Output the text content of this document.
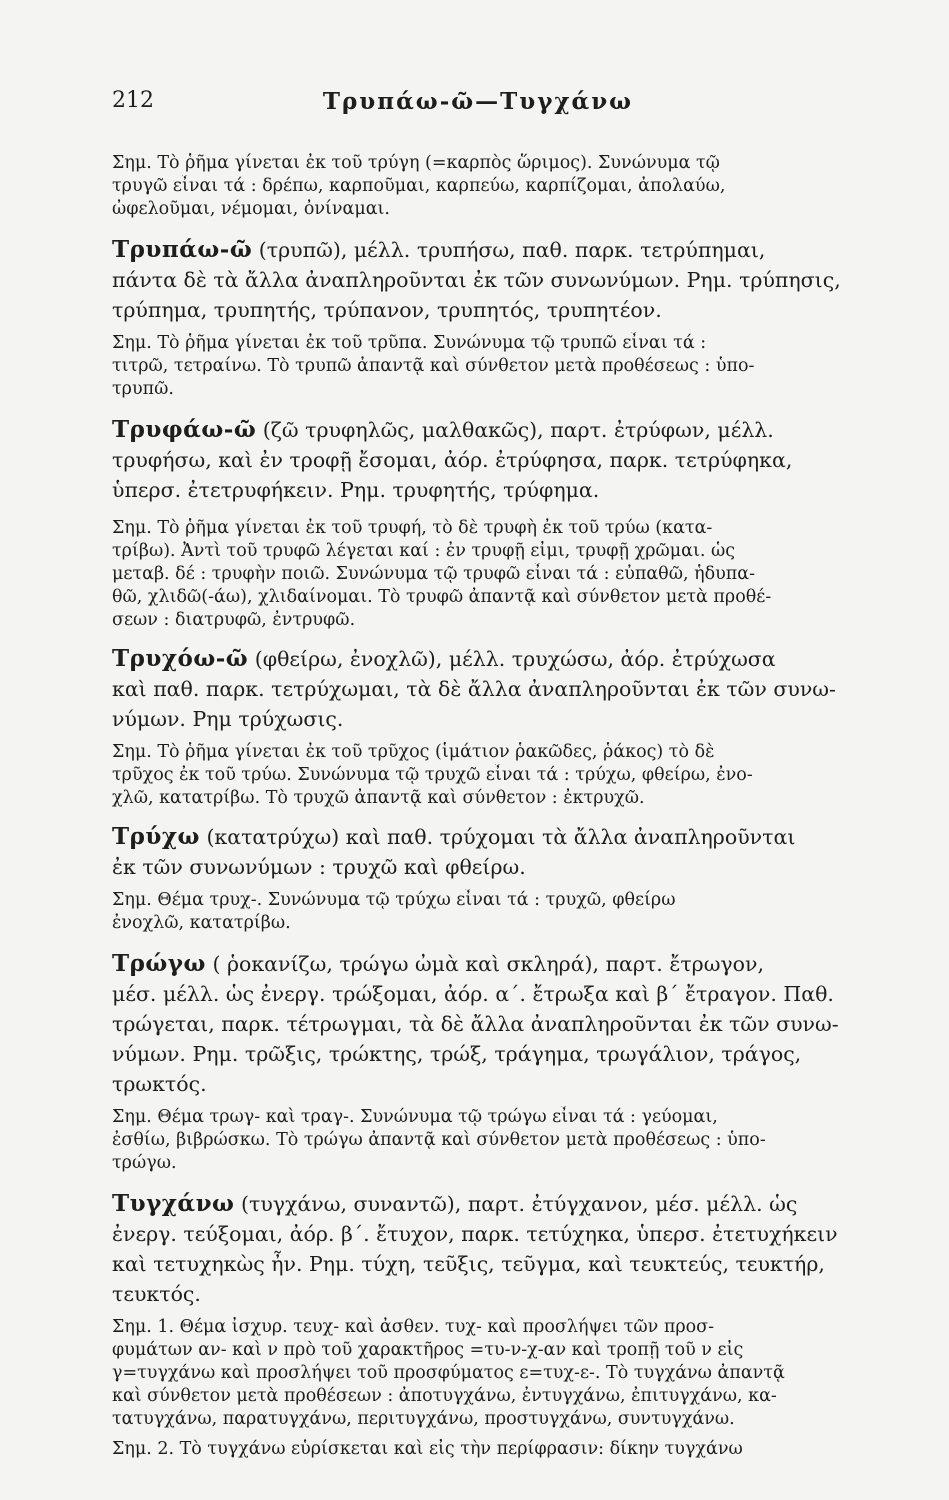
212	Τρυπάω-ῶ—Τυγχάνω
Σημ. Τὸ ῥῆμα γίνεται ἐκ τοῦ τρύγη (=καρπὸς ὥριμος). Συνώνυμα τῷ
τρυγῶ εἶναι τά : δρέπω, καρποῦμαι, καρπεύω, καρπίζομαι, ἀπολαύω,
ὠφελοῦμαι, νέμομαι, ὀνίναμαι.
Τρυπάω-ῶ (τρυπῶ), μέλλ. τρυπήσω, παθ. παρκ. τετρύπημαι,
πάντα δὲ τὰ ἄλλα ἀναπληροῦνται ἐκ τῶν συνωνύμων. Ρημ. τρύπησις,
τρύπημα, τρυπητής, τρύπανον, τρυπητός, τρυπητέον.
Σημ. Τὸ ῥῆμα γίνεται ἐκ τοῦ τρῦπα. Συνώνυμα τῷ τρυπῶ εἶναι τά :
τιτρῶ, τετραίνω. Τὸ τρυπῶ ἀπαντᾷ καὶ σύνθετον μετὰ προθέσεως : ὑπο-
τρυπῶ.
Τρυφάω-ῶ (ζῶ τρυφηλῶς, μαλθακῶς), παρτ. ἐτρύφων, μέλλ.
τρυφήσω, καὶ ἐν τροφῇ ἔσομαι, ἀόρ. ἐτρύφησα, παρκ. τετρύφηκα,
ὑπερσ. ἐτετρυφήκειν. Ρημ. τρυφητής, τρύφημα.
Σημ. Τὸ ῥῆμα γίνεται ἐκ τοῦ τρυφή, τὸ δὲ τρυφὴ ἐκ τοῦ τρύω (κατα-
τρίβω). Ἀντὶ τοῦ τρυφῶ λέγεται καί : ἐν τρυφῇ εἰμι, τρυφῇ χρῶμαι. ὡς
μεταβ. δέ : τρυφὴν ποιῶ. Συνώνυμα τῷ τρυφῶ εἶναι τά : εὐπαθῶ, ἡδυπα-
θῶ, χλιδῶ(-άω), χλιδαίνομαι. Τὸ τρυφῶ ἀπαντᾷ καὶ σύνθετον μετὰ προθέ-
σεων : διατρυφῶ, ἐντρυφῶ.
Τρυχόω-ῶ (φθείρω, ἐνοχλῶ), μέλλ. τρυχώσω, ἀόρ. ἐτρύχωσα
καὶ παθ. παρκ. τετρύχωμαι, τὰ δὲ ἄλλα ἀναπληροῦνται ἐκ τῶν συνω-
νύμων. Ρημ τρύχωσις.
Σημ. Τὸ ῥῆμα γίνεται ἐκ τοῦ τρῦχος (ἱμάτιον ῥακῶδες, ῥάκος) τὸ δὲ
τρῦχος ἐκ τοῦ τρύω. Συνώνυμα τῷ τρυχῶ εἶναι τά : τρύχω, φθείρω, ἐνο-
χλῶ, κατατρίβω. Τὸ τρυχῶ ἀπαντᾷ καὶ σύνθετον : ἐκτρυχῶ.
Τρύχω (κατατρύχω) καὶ παθ. τρύχομαι τὰ ἄλλα ἀναπληροῦνται
ἐκ τῶν συνωνύμων : τρυχῶ καὶ φθείρω.
Σημ. Θέμα τρυχ-. Συνώνυμα τῷ τρύχω εἶναι τά : τρυχῶ, φθείρω
ἐνοχλῶ, κατατρίβω.
Τρώγω ( ῥοκανίζω, τρώγω ὠμὰ καὶ σκληρά), παρτ. ἔτρωγον,
μέσ. μέλλ. ὡς ἐνεργ. τρώξομαι, ἀόρ. α΄. ἔτρωξα καὶ β΄ ἔτραγον. Παθ.
τρώγεται, παρκ. τέτρωγμαι, τὰ δὲ ἄλλα ἀναπληροῦνται ἐκ τῶν συνω-
νύμων. Ρημ. τρῶξις, τρώκτης, τρώξ, τράγημα, τρωγάλιον, τράγος,
τρωκτός.
Σημ. Θέμα τρωγ- καὶ τραγ-. Συνώνυμα τῷ τρώγω εἶναι τά : γεύομαι,
ἐσθίω, βιβρώσκω. Τὸ τρώγω ἀπαντᾷ καὶ σύνθετον μετὰ προθέσεως : ὑπο-
τρώγω.
Τυγχάνω (τυγχάνω, συναντῶ), παρτ. ἐτύγχανον, μέσ. μέλλ. ὡς
ἐνεργ. τεύξομαι, ἀόρ. β΄. ἔτυχον, παρκ. τετύχηκα, ὑπερσ. ἐτετυχήκειν
καὶ τετυχηκὼς ἦν. Ρημ. τύχη, τεῦξις, τεῦγμα, καὶ τευκτεύς, τευκτήρ,
τευκτός.
Σημ. 1. Θέμα ἰσχυρ. τευχ- καὶ ἀσθεν. τυχ- καὶ προσλήψει τῶν προσ-
φυμάτων αν- καὶ ν πρὸ τοῦ χαρακτῆρος =τυ-ν-χ-αν καὶ τροπῇ τοῦ ν εἰς
γ=τυγχάνω καὶ προσλήψει τοῦ προσφύματος ε=τυχ-ε-. Τὸ τυγχάνω ἀπαντᾷ
καὶ σύνθετον μετὰ προθέσεων : ἀποτυγχάνω, ἐντυγχάνω, ἐπιτυγχάνω, κα-
τατυγχάνω, παρατυγχάνω, περιτυγχάνω, προστυγχάνω, συντυγχάνω.
Σημ. 2. Τὸ τυγχάνω εὑρίσκεται καὶ εἰς τὴν περίφρασιν: δίκην τυγχάνω
